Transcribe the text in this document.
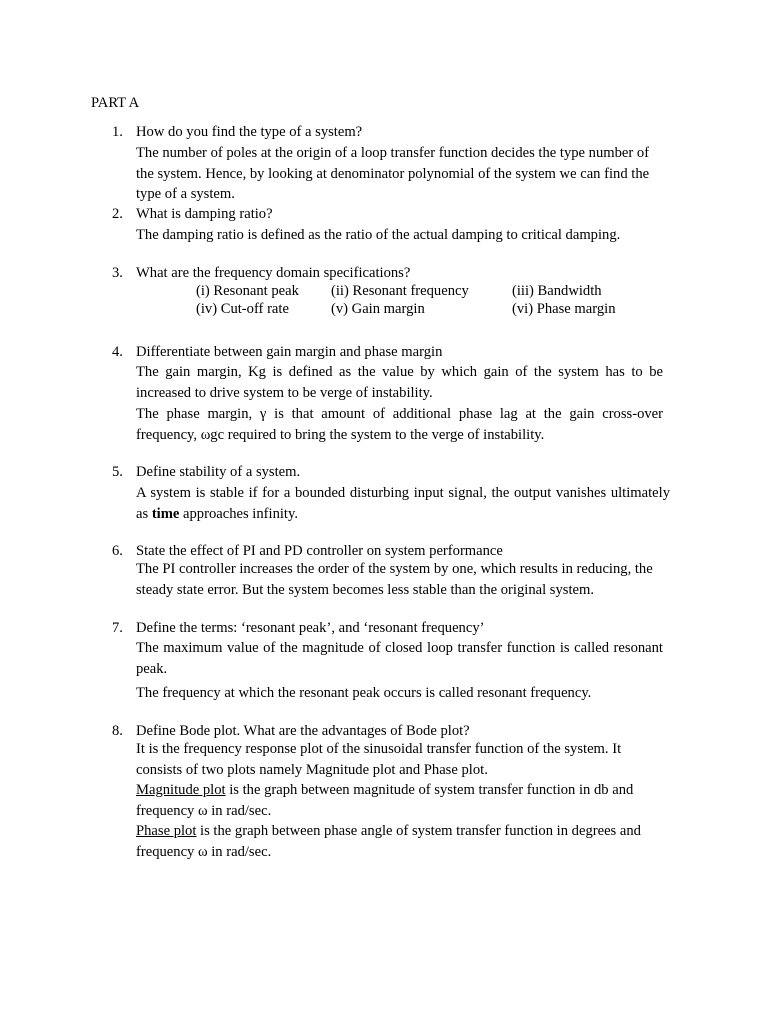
PART A
1. How do you find the type of a system?
The number of poles at the origin of a loop transfer function decides the type number of the system. Hence, by looking at denominator polynomial of the system we can find the type of a system.
2. What is damping ratio?
The damping ratio is defined as the ratio of the actual damping to critical damping.
3. What are the frequency domain specifications?
(i) Resonant peak (ii) Resonant frequency	(iii) Bandwidth
(iv) Cut-off rate	(v) Gain margin	(vi) Phase margin
4. Differentiate between gain margin and phase margin
The gain margin, Kg is defined as the value by which gain of the system has to be increased to drive system to be verge of instability.
The phase margin, γ is that amount of additional phase lag at the gain cross-over frequency, ωgc required to bring the system to the verge of instability.
5. Define stability of a system.
A system is stable if for a bounded disturbing input signal, the output vanishes ultimately as time approaches infinity.
6. State the effect of PI and PD controller on system performance
The PI controller increases the order of the system by one, which results in reducing, the steady state error. But the system becomes less stable than the original system.
7. Define the terms: ‘resonant peak’, and ‘resonant frequency’
The maximum value of the magnitude of closed loop transfer function is called resonant peak.
The frequency at which the resonant peak occurs is called resonant frequency.
8. Define Bode plot. What are the advantages of Bode plot?
It is the frequency response plot of the sinusoidal transfer function of the system. It consists of two plots namely Magnitude plot and Phase plot.
Magnitude plot is the graph between magnitude of system transfer function in db and frequency ω in rad/sec.
Phase plot is the graph between phase angle of system transfer function in degrees and frequency ω in rad/sec.
